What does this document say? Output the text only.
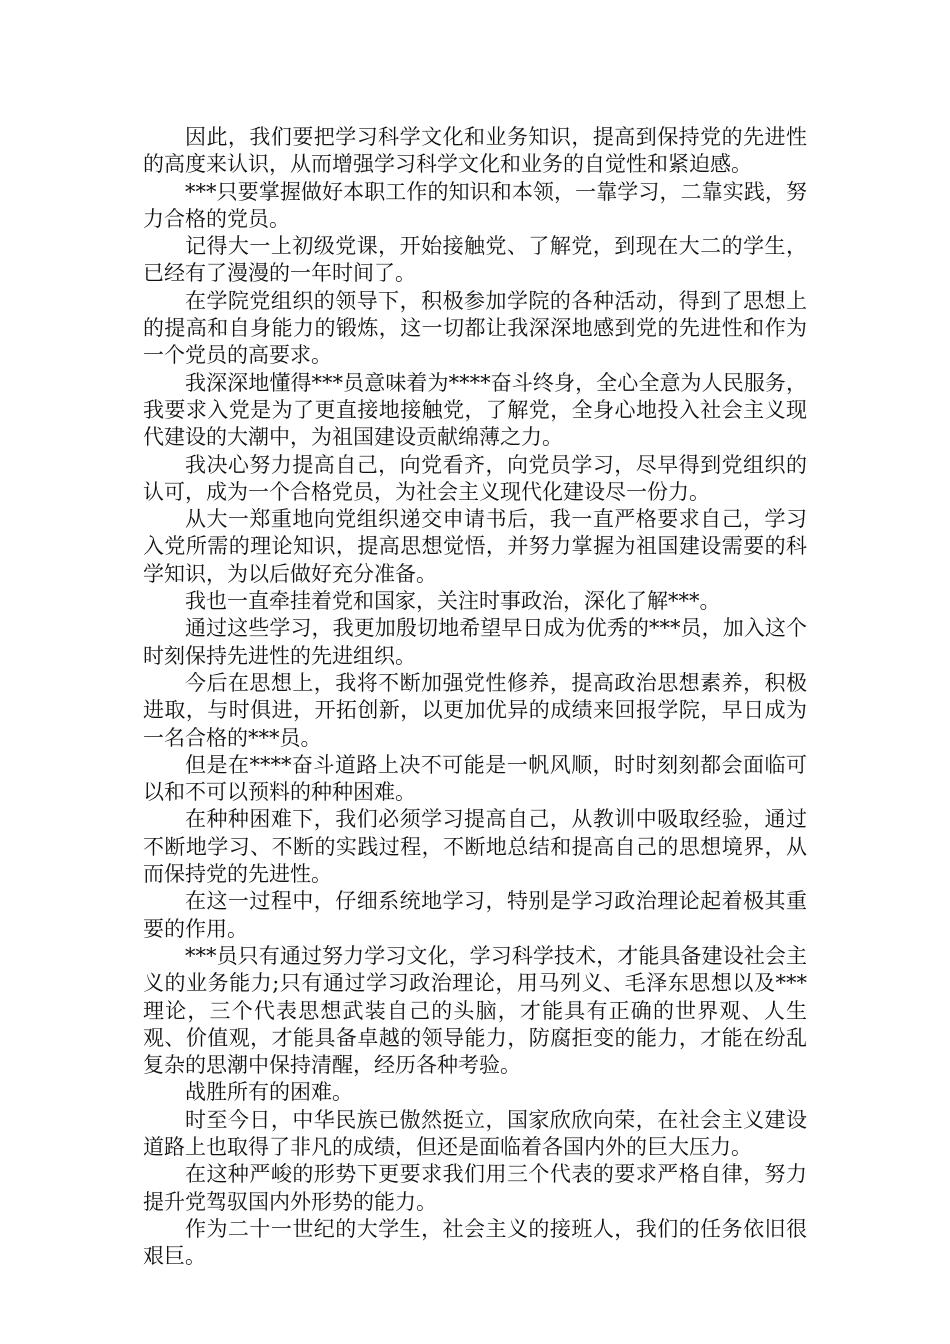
因此，我们要把学习科学文化和业务知识，提高到保持党的先进性的高度来认识，从而增强学习科学文化和业务的自觉性和紧迫感。

***只要掌握做好本职工作的知识和本领，一靠学习，二靠实践，努力合格的党员。

记得大一上初级党课，开始接触党、了解党，到现在大二的学生，已经有了漫漫的一年时间了。

在学院党组织的领导下，积极参加学院的各种活动，得到了思想上的提高和自身能力的锻炼，这一切都让我深深地感到党的先进性和作为一个党员的高要求。

我深深地懂得***员意味着为****奋斗终身，全心全意为人民服务，我要求入党是为了更直接地接触党，了解党，全身心地投入社会主义现代建设的大潮中，为祖国建设贡献绵薄之力。

我决心努力提高自己，向党看齐，向党员学习，尽早得到党组织的认可，成为一个合格党员，为社会主义现代化建设尽一份力。

从大一郑重地向党组织递交申请书后，我一直严格要求自己，学习入党所需的理论知识，提高思想觉悟，并努力掌握为祖国建设需要的科学知识，为以后做好充分准备。

我也一直牵挂着党和国家，关注时事政治，深化了解***。

通过这些学习，我更加殷切地希望早日成为优秀的***员，加入这个时刻保持先进性的先进组织。

今后在思想上，我将不断加强党性修养，提高政治思想素养，积极进取，与时俱进，开拓创新，以更加优异的成绩来回报学院，早日成为一名合格的***员。

但是在****奋斗道路上决不可能是一帆风顺，时时刻刻都会面临可以和不可以预料的种种困难。

在种种困难下，我们必须学习提高自己，从教训中吸取经验，通过不断地学习、不断的实践过程，不断地总结和提高自己的思想境界，从而保持党的先进性。

在这一过程中，仔细系统地学习，特别是学习政治理论起着极其重要的作用。

***员只有通过努力学习文化，学习科学技术，才能具备建设社会主义的业务能力;只有通过学习政治理论，用马列义、毛泽东思想以及***理论，三个代表思想武装自己的头脑，才能具有正确的世界观、人生观、价值观，才能具备卓越的领导能力，防腐拒变的能力，才能在纷乱复杂的思潮中保持清醒，经历各种考验。

战胜所有的困难。

时至今日，中华民族已傲然挺立，国家欣欣向荣，在社会主义建设道路上也取得了非凡的成绩，但还是面临着各国内外的巨大压力。

在这种严峻的形势下更要求我们用三个代表的要求严格自律，努力提升党驾驭国内外形势的能力。

作为二十一世纪的大学生，社会主义的接班人，我们的任务依旧很艰巨。
